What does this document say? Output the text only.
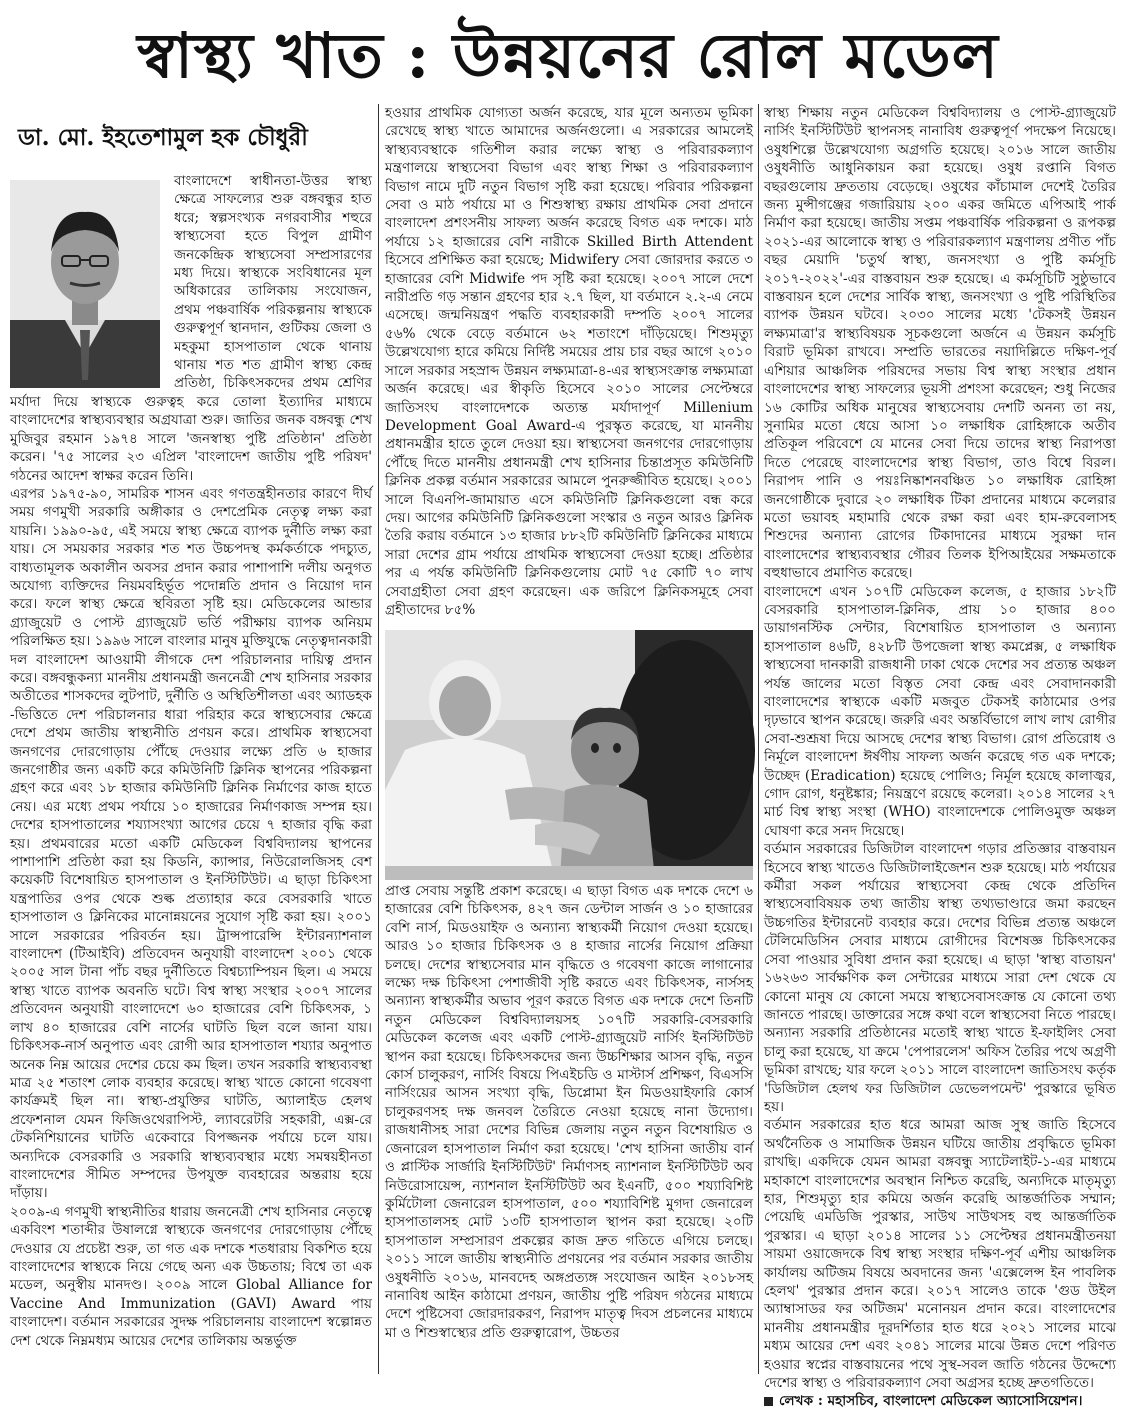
স্বাস্থ্য খাত : উন্নয়নের রোল মডেল
ডা. মো. ইহতেশামুল হক চৌধুরী

বাংলাদেশে স্বাধীনতা-উত্তর স্বাস্থ্য ক্ষেত্রে সাফল্যের শুরু বঙ্গবন্ধুর হাত ধরে; স্বল্পসংখ্যক নগরবাসীর শহুরে স্বাস্থ্যসেবা হতে বিপুল গ্রামীণ জনকেন্দ্রিক স্বাস্থ্যসেবা সম্প্রসারণের মধ্য দিয়ে। স্বাস্থ্যকে সংবিধানের মূল অধিকারের তালিকায় সংযোজন, প্রথম পঞ্চবার্ষিক পরিকল্পনায় স্বাস্থ্যকে গুরুত্বপূর্ণ স্থানদান, গুটিকয় জেলা ও মহকুমা হাসপাতাল থেকে থানায় থানায় শত শত গ্রামীণ স্বাস্থ্য কেন্দ্র প্রতিষ্ঠা, চিকিৎসকদের প্রথম শ্রেণির মর্যাদা দিয়ে স্বাস্থ্যকে গুরুত্বহ করে তোলা ইত্যাদির মাধ্যমে বাংলাদেশের স্বাস্থ্যব্যবস্থার অগ্রযাত্রা শুরু। জাতির জনক বঙ্গবন্ধু শেখ মুজিবুর রহমান ১৯৭৪ সালে 'জনস্বাস্থ্য পুষ্টি প্রতিষ্ঠান' প্রতিষ্ঠা করেন। '৭৫ সালের ২৩ এপ্রিল 'বাংলাদেশ জাতীয় পুষ্টি পরিষদ' গঠনের আদেশ স্বাক্ষর করেন তিনি।

এরপর ১৯৭৫-৯০, সামরিক শাসন এবং গণতন্ত্রহীনতার কারণে দীর্ঘ সময় গণমুখী সরকারি অঙ্গীকার ও দেশপ্রেমিক নেতৃত্ব লক্ষ্য করা যায়নি। ১৯৯০-৯৫, এই সময়ে স্বাস্থ্য ক্ষেত্রে ব্যাপক দুর্নীতি লক্ষ্য করা যায়। সে সময়কার সরকার শত শত উচ্চপদস্থ কর্মকর্তাকে পদচ্যুত, বাধ্যতামূলক অকালীন অবসর প্রদান করার পাশাপাশি দলীয় অনুগত অযোগ্য ব্যক্তিদের নিয়মবহির্ভূত পদোন্নতি প্রদান ও নিয়োগ দান করে। ফলে স্বাস্থ্য ক্ষেত্রে স্থবিরতা সৃষ্টি হয়। মেডিকেলের আন্ডার গ্র্যাজুয়েট ও পোস্ট গ্র্যাজুয়েট ভর্তি পরীক্ষায় ব্যাপক অনিয়ম পরিলক্ষিত হয়। ১৯৯৬ সালে বাংলার মানুষ মুক্তিযুদ্ধে নেতৃত্বদানকারী দল বাংলাদেশ আওয়ামী লীগকে দেশ পরিচালনার দায়িত্ব প্রদান করে। বঙ্গবন্ধুকন্যা মাননীয় প্রধানমন্ত্রী জননেত্রী শেখ হাসিনার সরকার অতীতের শাসকদের লুটপাট, দুর্নীতি ও অস্থিতিশীলতা এবং অ্যাডহক -ভিত্তিতে দেশ পরিচালনার ধারা পরিহার করে স্বাস্থ্যসেবার ক্ষেত্রে দেশে প্রথম জাতীয় স্বাস্থ্যনীতি প্রণয়ন করে। প্রাথমিক স্বাস্থ্যসেবা জনগণের দোরগোড়ায় পৌঁছে দেওয়ার লক্ষ্যে প্রতি ৬ হাজার জনগোষ্ঠীর জন্য একটি করে কমিউনিটি ক্লিনিক স্থাপনের পরিকল্পনা গ্রহণ করে এবং ১৮ হাজার কমিউনিটি ক্লিনিক নির্মাণের কাজ হাতে নেয়। এর মধ্যে প্রথম পর্যায়ে ১০ হাজারের নির্মাণকাজ সম্পন্ন হয়। দেশের হাসপাতালের শয্যাসংখ্যা আগের চেয়ে ৭ হাজার বৃদ্ধি করা হয়। প্রথমবারের মতো একটি মেডিকেল বিশ্ববিদ্যালয় স্থাপনের পাশাপাশি প্রতিষ্ঠা করা হয় কিডনি, ক্যান্সার, নিউরোলজিসহ বেশ কয়েকটি বিশেষায়িত হাসপাতাল ও ইনস্টিটিউট। এ ছাড়া চিকিৎসা যন্ত্রপাতির ওপর থেকে শুল্ক প্রত্যাহার করে বেসরকারি খাতে হাসপাতাল ও ক্লিনিকের মানোন্নয়নের সুযোগ সৃষ্টি করা হয়। ২০০১ সালে সরকারের পরিবর্তন হয়। ট্রান্সপারেন্সি ইন্টারন্যাশনাল বাংলাদেশ (টিআইবি) প্রতিবেদন অনুযায়ী বাংলাদেশ ২০০১ থেকে ২০০৫ সাল টানা পাঁচ বছর দুর্নীতিতে বিশ্বচ্যাম্পিয়ন ছিল। এ সময়ে স্বাস্থ্য খাতে ব্যাপক অবনতি ঘটে। বিশ্ব স্বাস্থ্য সংস্থার ২০০৭ সালের প্রতিবেদন অনুযায়ী বাংলাদেশে ৬০ হাজারের বেশি চিকিৎসক, ১ লাখ ৪০ হাজারের বেশি নার্সের ঘাটতি ছিল বলে জানা যায়। চিকিৎসক-নার্স অনুপাত এবং রোগী আর হাসপাতাল শয্যার অনুপাত অনেক নিম্ন আয়ের দেশের চেয়ে কম ছিল। তখন সরকারি স্বাস্থ্যব্যবস্থা মাত্র ২৫ শতাংশ লোক ব্যবহার করেছে। স্বাস্থ্য খাতে কোনো গবেষণা কার্যক্রমই ছিল না। স্বাস্থ্য-প্রযুক্তির ঘাটতি, অ্যালাইড হেলথ প্রফেশনাল যেমন ফিজিওথেরাপিস্ট, ল্যাবরেটরি সহকারী, এক্স-রে টেকনিশিয়ানের ঘাটতি একেবারে বিপজ্জনক পর্যায়ে চলে যায়। অন্যদিকে বেসরকারি ও সরকারি স্বাস্থ্যব্যবস্থার মধ্যে সমন্বয়হীনতা বাংলাদেশের সীমিত সম্পদের উপযুক্ত ব্যবহারের অন্তরায় হয়ে দাঁড়ায়।

২০০৯-এ গণমুখী স্বাস্থ্যনীতির ধারায় জননেত্রী শেখ হাসিনার নেতৃত্বে একবিংশ শতাব্দীর উষালগ্নে স্বাস্থ্যকে জনগণের দোরগোড়ায় পৌঁছে দেওয়ার যে প্রচেষ্টা শুরু, তা গত এক দশকে শতধারায় বিকশিত হয়ে বাংলাদেশের স্বাস্থ্যকে নিয়ে গেছে অন্য এক উচ্চতায়; বিশ্বে তা এক মডেল, অনুস্বীয় মানদণ্ড। ২০০৯ সালে Global Alliance for Vaccine And Immunization (GAVI) Award পায় বাংলাদেশ। বর্তমান সরকারের সুদক্ষ পরিচালনায় বাংলাদেশ স্বল্পোন্নত দেশ থেকে নিম্নমধ্যম আয়ের দেশের তালিকায় অন্তর্ভুক্ত

হওয়ার প্রাথমিক যোগ্যতা অর্জন করেছে, যার মূলে অন্যতম ভূমিকা রেখেছে স্বাস্থ্য খাতে আমাদের অর্জনগুলো। এ সরকারের আমলেই স্বাস্থ্যব্যবস্থাকে গতিশীল করার লক্ষ্যে স্বাস্থ্য ও পরিবারকল্যাণ মন্ত্রণালয়ে স্বাস্থ্যসেবা বিভাগ এবং স্বাস্থ্য শিক্ষা ও পরিবারকল্যাণ বিভাগ নামে দুটি নতুন বিভাগ সৃষ্টি করা হয়েছে। পরিবার পরিকল্পনা সেবা ও মাঠ পর্যায়ে মা ও শিশুস্বাস্থ্য রক্ষায় প্রাথমিক সেবা প্রদানে বাংলাদেশ প্রশংসনীয় সাফল্য অর্জন করেছে বিগত এক দশকে। মাঠ পর্যায়ে ১২ হাজারের বেশি নারীকে Skilled Birth Attendent হিসেবে প্রশিক্ষিত করা হয়েছে; Midwifery সেবা জোরদার করতে ৩ হাজারের বেশি Midwife পদ সৃষ্টি করা হয়েছে। ২০০৭ সালে দেশে নারীপ্রতি গড় সন্তান গ্রহণের হার ২.৭ ছিল, যা বর্তমানে ২.২-এ নেমে এসেছে। জন্মনিয়ন্ত্রণ পদ্ধতি ব্যবহারকারী দম্পতি ২০০৭ সালের ৫৬% থেকে বেড়ে বর্তমানে ৬২ শতাংশে দাঁড়িয়েছে। শিশুমৃত্যু উল্লেখযোগ্য হারে কমিয়ে নির্দিষ্ট সময়ের প্রায় চার বছর আগে ২০১০ সালে সরকার সহস্রাব্দ উন্নয়ন লক্ষ্যমাত্রা-৪-এর স্বাস্থ্যসংক্রান্ত লক্ষ্যমাত্রা অর্জন করেছে। এর স্বীকৃতি হিসেবে ২০১০ সালের সেপ্টেম্বরে জাতিসংঘ বাংলাদেশকে অত্যন্ত মর্যাদাপূর্ণ Millenium Development Goal Award-এ পুরস্কৃত করেছে, যা মাননীয় প্রধানমন্ত্রীর হাতে তুলে দেওয়া হয়। স্বাস্থ্যসেবা জনগণের দোরগোড়ায় পৌঁছে দিতে মাননীয় প্রধানমন্ত্রী শেখ হাসিনার চিন্তাপ্রসূত কমিউনিটি ক্লিনিক প্রকল্প বর্তমান সরকারের আমলে পুনরুজ্জীবিত হয়েছে। ২০০১ সালে বিএনপি-জামায়াত এসে কমিউনিটি ক্লিনিকগুলো বন্ধ করে দেয়। আগের কমিউনিটি ক্লিনিকগুলো সংস্কার ও নতুন আরও ক্লিনিক তৈরি করায় বর্তমানে ১৩ হাজার ৮৮২টি কমিউনিটি ক্লিনিকের মাধ্যমে সারা দেশের গ্রাম পর্যায়ে প্রাথমিক স্বাস্থ্যসেবা দেওয়া হচ্ছে। প্রতিষ্ঠার পর এ পর্যন্ত কমিউনিটি ক্লিনিকগুলোয় মোট ৭৫ কোটি ৭০ লাখ সেবাগ্রহীতা সেবা গ্রহণ করেছেন। এক জরিপে ক্লিনিকসমূহে সেবা গ্রহীতাদের ৮৫%

প্রাপ্ত সেবায় সন্তুষ্টি প্রকাশ করেছে। এ ছাড়া বিগত এক দশকে দেশে ৬ হাজারের বেশি চিকিৎসক, ৪২৭ জন ডেন্টাল সার্জন ও ১০ হাজারের বেশি নার্স, মিডওয়াইফ ও অন্যান্য স্বাস্থ্যকর্মী নিয়োগ দেওয়া হয়েছে। আরও ১০ হাজার চিকিৎসক ও ৪ হাজার নার্সের নিয়োগ প্রক্রিয়া চলছে। দেশের স্বাস্থ্যসেবার মান বৃদ্ধিতে ও গবেষণা কাজে লাগানোর লক্ষ্যে দক্ষ চিকিৎসা পেশাজীবী সৃষ্টি করতে এবং চিকিৎসক, নার্সসহ অন্যান্য স্বাস্থ্যকর্মীর অভাব পূরণ করতে বিগত এক দশকে দেশে তিনটি নতুন মেডিকেল বিশ্ববিদ্যালয়সহ ১০৭টি সরকারি-বেসরকারি মেডিকেল কলেজ এবং একটি পোস্ট-গ্র্যাজুয়েট নার্সিং ইনস্টিটিউট স্থাপন করা হয়েছে। চিকিৎসকদের জন্য উচ্চশিক্ষার আসন বৃদ্ধি, নতুন কোর্স চালুকরণ, নার্সিং বিষয়ে পিএইচডি ও মাস্টার্স প্রশিক্ষণ, বিএসসি নার্সিংয়ের আসন সংখ্যা বৃদ্ধি, ডিপ্লোমা ইন মিডওয়াইফারি কোর্স চালুকরণসহ দক্ষ জনবল তৈরিতে নেওয়া হয়েছে নানা উদ্যোগ। রাজধানীসহ সারা দেশের বিভিন্ন জেলায় নতুন নতুন বিশেষায়িত ও জেনারেল হাসপাতাল নির্মাণ করা হয়েছে। 'শেখ হাসিনা জাতীয় বার্ন ও প্লাস্টিক সার্জারি ইনস্টিটিউট' নির্মাণসহ ন্যাশনাল ইনস্টিটিউট অব নিউরোসায়েন্স, ন্যাশনাল ইনস্টিটিউট অব ইএনটি, ৫০০ শয্যাবিশিষ্ট কুর্মিটোলা জেনারেল হাসপাতাল, ৫০০ শয্যাবিশিষ্ট মুগদা জেনারেল হাসপাতালসহ মোট ১৩টি হাসপাতাল স্থাপন করা হয়েছে। ২০টি হাসপাতাল সম্প্রসারণ প্রকল্পের কাজ দ্রুত গতিতে এগিয়ে চলছে। ২০১১ সালে জাতীয় স্বাস্থ্যনীতি প্রণয়নের পর বর্তমান সরকার জাতীয় ওষুধনীতি ২০১৬, মানবদেহ অঙ্গপ্রত্যঙ্গ সংযোজন আইন ২০১৮সহ নানাবিধ আইন কাঠামো প্রণয়ন, জাতীয় পুষ্টি পরিষদ গঠনের মাধ্যমে দেশে পুষ্টিসেবা জোরদারকরণ, নিরাপদ মাতৃত্ব দিবস প্রচলনের মাধ্যমে মা ও শিশুস্বাস্থ্যের প্রতি গুরুত্বারোপ, উচ্চতর

স্বাস্থ্য শিক্ষায় নতুন মেডিকেল বিশ্ববিদ্যালয় ও পোস্ট-গ্র্যাজুয়েট নার্সিং ইনস্টিটিউট স্থাপনসহ নানাবিধ গুরুত্বপূর্ণ পদক্ষেপ নিয়েছে। ওষুধশিল্পে উল্লেখযোগ্য অগ্রগতি হয়েছে। ২০১৬ সালে জাতীয় ওষুধনীতি আধুনিকায়ন করা হয়েছে। ওষুধ রপ্তানি বিগত বছরগুলোয় দ্রুততায় বেড়েছে। ওষুধের কাঁচামাল দেশেই তৈরির জন্য মুন্সীগঞ্জের গজারিয়ায় ২০০ একর জমিতে এপিআই পার্ক নির্মাণ করা হয়েছে। জাতীয় সপ্তম পঞ্চবার্ষিক পরিকল্পনা ও রূপকল্প ২০২১-এর আলোকে স্বাস্থ্য ও পরিবারকল্যাণ মন্ত্রণালয় প্রণীত পাঁচ বছর মেয়াদি 'চতুর্থ স্বাস্থ্য, জনসংখ্যা ও পুষ্টি কর্মসূচি ২০১৭-২০২২'-এর বাস্তবায়ন শুরু হয়েছে। এ কর্মসূচিটি সুষ্ঠুভাবে বাস্তবায়ন হলে দেশের সার্বিক স্বাস্থ্য, জনসংখ্যা ও পুষ্টি পরিস্থিতির ব্যাপক উন্নয়ন ঘটবে। ২০৩০ সালের মধ্যে 'টেকসই উন্নয়ন লক্ষ্যমাত্রা'র স্বাস্থ্যবিষয়ক সূচকগুলো অর্জনে এ উন্নয়ন কর্মসূচি বিরাট ভূমিকা রাখবে। সম্প্রতি ভারতের নয়াদিল্লিতে দক্ষিণ-পূর্ব এশিয়ার আঞ্চলিক পরিষদের সভায় বিশ্ব স্বাস্থ্য সংস্থার প্রধান বাংলাদেশের স্বাস্থ্য সাফল্যের ভূয়সী প্রশংসা করেছেন; শুধু নিজের ১৬ কোটির অধিক মানুষের স্বাস্থ্যসেবায় দেশটি অনন্য তা নয়, সুনামির মতো ধেয়ে আসা ১০ লক্ষাধিক রোহিঙ্গাকে অতীব প্রতিকূল পরিবেশে যে মানের সেবা দিয়ে তাদের স্বাস্থ্য নিরাপত্তা দিতে পেরেছে বাংলাদেশের স্বাস্থ্য বিভাগ, তাও বিশ্বে বিরল। নিরাপদ পানি ও পয়ঃনিষ্কাশনবঞ্চিত ১০ লক্ষাধিক রোহিঙ্গা জনগোষ্ঠীকে দুবারে ২০ লক্ষাধিক টিকা প্রদানের মাধ্যমে কলেরার মতো ভয়াবহ মহামারি থেকে রক্ষা করা এবং হাম-রুবেলাসহ শিশুদের অন্যান্য রোগের টিকাদানের মাধ্যমে সুরক্ষা দান বাংলাদেশের স্বাস্থ্যব্যবস্থার গৌরব তিলক ইপিআইয়ের সক্ষমতাকে বহুধাভাবে প্রমাণিত করেছে।

বাংলাদেশে এখন ১০৭টি মেডিকেল কলেজ, ৫ হাজার ১৮২টি বেসরকারি হাসপাতাল-ক্লিনিক, প্রায় ১০ হাজার ৪০০ ডায়াগনস্টিক সেন্টার, বিশেষায়িত হাসপাতাল ও অন্যান্য হাসপাতাল ৪৬টি, ৪২৮টি উপজেলা স্বাস্থ্য কমপ্লেক্স, ৫ লক্ষাধিক স্বাস্থ্যসেবা দানকারী রাজধানী ঢাকা থেকে দেশের সব প্রত্যন্ত অঞ্চল পর্যন্ত জালের মতো বিস্তৃত সেবা কেন্দ্র এবং সেবাদানকারী বাংলাদেশের স্বাস্থ্যকে একটি মজবুত টেকসই কাঠামোর ওপর দৃঢ়ভাবে স্থাপন করেছে। জরুরি এবং অন্তর্বিভাগে লাখ লাখ রোগীর সেবা-শুশ্রূষা দিয়ে আসছে দেশের স্বাস্থ্য বিভাগ। রোগ প্রতিরোধ ও নির্মূলে বাংলাদেশ ঈর্ষণীয় সাফল্য অর্জন করেছে গত এক দশকে; উচ্ছেদ (Eradication) হয়েছে পোলিও; নির্মূল হয়েছে কালাজ্বর, গোদ রোগ, ধনুষ্টঙ্কার; নিয়ন্ত্রণে রয়েছে কলেরা। ২০১৪ সালের ২৭ মার্চ বিশ্ব স্বাস্থ্য সংস্থা (WHO) বাংলাদেশকে পোলিওমুক্ত অঞ্চল ঘোষণা করে সনদ দিয়েছে।

বর্তমান সরকারের ডিজিটাল বাংলাদেশ গড়ার প্রতিজ্ঞার বাস্তবায়ন হিসেবে স্বাস্থ্য খাতেও ডিজিটালাইজেশন শুরু হয়েছে। মাঠ পর্যায়ের কর্মীরা সকল পর্যায়ের স্বাস্থ্যসেবা কেন্দ্র থেকে প্রতিদিন স্বাস্থ্যসেবাবিষয়ক তথ্য জাতীয় স্বাস্থ্য তথ্যভাণ্ডারে জমা করছেন উচ্চগতির ইন্টারনেট ব্যবহার করে। দেশের বিভিন্ন প্রত্যন্ত অঞ্চলে টেলিমেডিসিন সেবার মাধ্যমে রোগীদের বিশেষজ্ঞ চিকিৎসকের সেবা পাওয়ার সুবিধা প্রদান করা হয়েছে। এ ছাড়া 'স্বাস্থ্য বাতায়ন' ১৬২৬৩ সার্বক্ষণিক কল সেন্টারের মাধ্যমে সারা দেশ থেকে যে কোনো মানুষ যে কোনো সময়ে স্বাস্থ্যসেবাসংক্রান্ত যে কোনো তথ্য জানতে পারছে। ডাক্তারের সঙ্গে কথা বলে স্বাস্থ্যসেবা নিতে পারছে। অন্যান্য সরকারি প্রতিষ্ঠানের মতোই স্বাস্থ্য খাতে ই-ফাইলিং সেবা চালু করা হয়েছে, যা ক্রমে 'পেপারলেস' অফিস তৈরির পথে অগ্রণী ভূমিকা রাখছে; যার ফলে ২০১১ সালে বাংলাদেশ জাতিসংঘ কর্তৃক 'ডিজিটাল হেলথ ফর ডিজিটাল ডেভেলপমেন্ট' পুরস্কারে ভূষিত হয়।

বর্তমান সরকারের হাত ধরে আমরা আজ সুস্থ জাতি হিসেবে অর্থনৈতিক ও সামাজিক উন্নয়ন ঘটিয়ে জাতীয় প্রবৃদ্ধিতে ভূমিকা রাখছি। একদিকে যেমন আমরা বঙ্গবন্ধু স্যাটেলাইট-১-এর মাধ্যমে মহাকাশে বাংলাদেশের অবস্থান নিশ্চিত করেছি, অন্যদিকে মাতৃমৃত্যু হার, শিশুমৃত্যু হার কমিয়ে অর্জন করেছি আন্তর্জাতিক সম্মান; পেয়েছি এমডিজি পুরস্কার, সাউথ সাউথসহ বহু আন্তর্জাতিক পুরস্কার। এ ছাড়া ২০১৪ সালের ১১ সেপ্টেম্বর প্রধানমন্ত্রীতনয়া সায়মা ওয়াজেদকে বিশ্ব স্বাস্থ্য সংস্থার দক্ষিণ-পূর্ব এশীয় আঞ্চলিক কার্যালয় অটিজম বিষয়ে অবদানের জন্য 'এক্সেলেন্স ইন পাবলিক হেলথ' পুরস্কার প্রদান করে। ২০১৭ সালেও তাকে 'গুড উইল অ্যাম্বাসাডর ফর অটিজম' মনোনয়ন প্রদান করে। বাংলাদেশের মাননীয় প্রধানমন্ত্রীর দূরদর্শিতার হাত ধরে ২০২১ সালের মাঝে মধ্যম আয়ের দেশ এবং ২০৪১ সালের মাঝে উন্নত দেশে পরিণত হওয়ার স্বপ্নের বাস্তবায়নের পথে সুস্থ-সবল জাতি গঠনের উদ্দেশ্যে দেশের স্বাস্থ্য ও পরিবারকল্যাণ সেবা অগ্রসর হচ্ছে দ্রুতগতিতে।

লেখক : মহাসচিব, বাংলাদেশ মেডিকেল অ্যাসোসিয়েশন।
